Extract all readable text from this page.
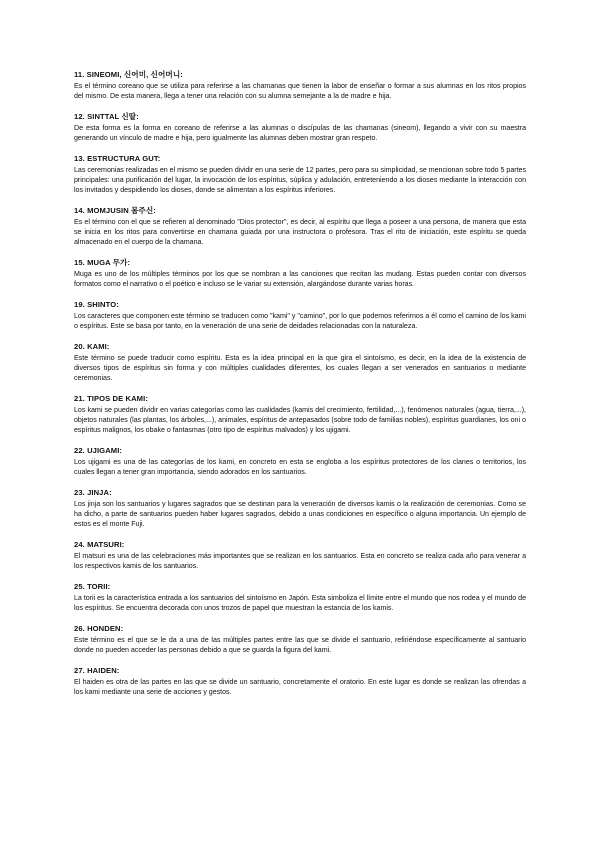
11. SINEOMI, 신어미, 신어머니:

Es el término coreano que se utiliza para referirse a las chamanas que tienen la labor de enseñar o formar a sus alumnas en los ritos propios del mismo. De esta manera, llega a tener una relación con su alumna semejante a la de madre e hija.

12. SINTTAL 신딸:

De esta forma es la forma en coreano de referirse a las alumnas o discípulas de las chamanas (sineom), llegando a vivir con su maestra generando un vínculo de madre e hija, pero igualmente las alumnas deben mostrar gran respeto.

13. ESTRUCTURA GUT:

Las ceremonias realizadas en el mismo se pueden dividir en una serie de 12 partes, pero para su simplicidad, se mencionan sobre todo 5 partes principales: una purificación del lugar, la invocación de los espíritus, súplica y adulación, entreteniendo a los dioses mediante la interacción con los invitados y despidiendo los dioses, donde se alimentan a los espíritus inferiores.

14. MOMJUSIN 몸주신:

Es el término con el que se refieren al denominado "Dios protector", es decir, al espíritu que llega a poseer a una persona, de manera que esta se inicia en los ritos para convertirse en chamana guiada por una instructora o profesora. Tras el rito de iniciación, este espíritu se queda almacenado en el cuerpo de la chamana.

15. MUGA 무가:

Muga es uno de los múltiples términos por los que se nombran a las canciones que recitan las mudang. Estas pueden contar con diversos formatos como el narrativo o el poético e incluso se le variar su extensión, alargándose durante varias horas.

19. SHINTO:

Los caracteres que componen este término se traducen como "kami" y "camino", por lo que podemos referirnos a él como el camino de los kami o espíritus. Este se basa por tanto, en la veneración de una serie de deidades relacionadas con la naturaleza.

20. KAMI:

Este término se puede traducir como espíritu. Esta es la idea principal en la que gira el sintoísmo, es decir, en la idea de la existencia de diversos tipos de espíritus sin forma y con múltiples cualidades diferentes, los cuales llegan a ser venerados en santuarios o mediante ceremonias.

21. TIPOS DE KAMI:

Los kami se pueden dividir en varias categorías como las cualidades (kamis del crecimiento, fertilidad,...), fenómenos naturales (agua, tierra,...), objetos naturales (las plantas, los árboles,...), animales, espíritus de antepasados (sobre todo de familias nobles), espíritus guardianes, los oni o espíritus malignos, los obake o fantasmas (otro tipo de espíritus malvados) y los ujigami.

22. UJIGAMI:

Los ujigami es una de las categorías de los kami, en concreto en esta se engloba a los espíritus protectores de los clanes o territorios, los cuales llegan a tener gran importancia, siendo adorados en los santuarios.

23. JINJA:

Los jinja son los santuarios y lugares sagrados que se destinan para la veneración de diversos kamis o la realización de ceremonias. Como se ha dicho, a parte de santuarios pueden haber lugares sagrados, debido a unas condiciones en específico o alguna importancia. Un ejemplo de estos es el monte Fuji.

24. MATSURI:

El matsuri es una de las celebraciones más importantes que se realizan en los santuarios. Esta en concreto se realiza cada año para venerar a los respectivos kamis de los santuarios.

25. TORII:

La torii es la característica entrada a los santuarios del sintoísmo en Japón. Esta simboliza el límite entre el mundo que nos rodea y el mundo de los espíritus. Se encuentra decorada con unos trozos de papel que muestran la estancia de los kamis.

26. HONDEN:

Este término es el que se le da a una de las múltiples partes entre las que se divide el santuario, refiriéndose específicamente al santuario donde no pueden acceder las personas debido a que se guarda la figura del kami.

27. HAIDEN:

El haiden es otra de las partes en las que se divide un santuario, concretamente el oratorio. En este lugar es donde se realizan las ofrendas a los kami mediante una serie de acciones y gestos.
